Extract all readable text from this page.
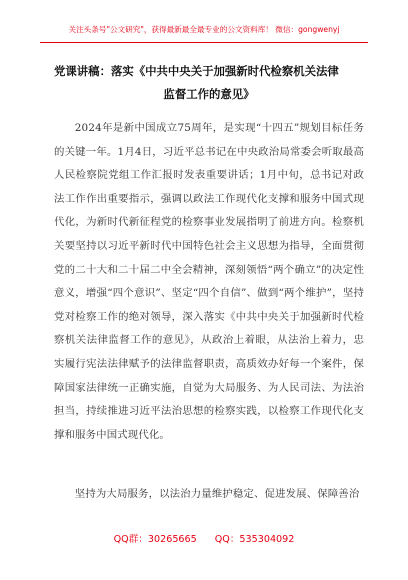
关注头条号"公文研究"，获得最新最全最专业的公文资料库！ 微信：gongwenyj
党课讲稿：落实《中共中央关于加强新时代检察机关法律
监督工作的意见》

2024年是新中国成立75周年，是实现“十四五”规划目标任务的关键一年。1月4日，习近平总书记在中央政治局常委会听取最高人民检察院党组工作汇报时发表重要讲话；1月中旬，总书记对政法工作作出重要指示，强调以政法工作现代化支撑和服务中国式现代化，为新时代新征程党的检察事业发展指明了前进方向。检察机关要坚持以习近平新时代中国特色社会主义思想为指导，全面贯彻党的二十大和二十届二中全会精神，深刻领悟“两个确立”的决定性意义，增强“四个意识”、坚定“四个自信”、做到“两个维护”，坚持党对检察工作的绝对领导，深入落实《中共中央关于加强新时代检察机关法律监督工作的意见》，从政治上着眼，从法治上着力，忠实履行宪法法律赋予的法律监督职责，高质效办好每一个案件，保障国家法律统一正确实施，自觉为大局服务、为人民司法、为法治担当，持续推进习近平法治思想的检察实践，以检察工作现代化支撑和服务中国式现代化。

坚持为大局服务，以法治力量维护稳定、促进发展、保障善治

QQ群：30265665 QQ：535304092
